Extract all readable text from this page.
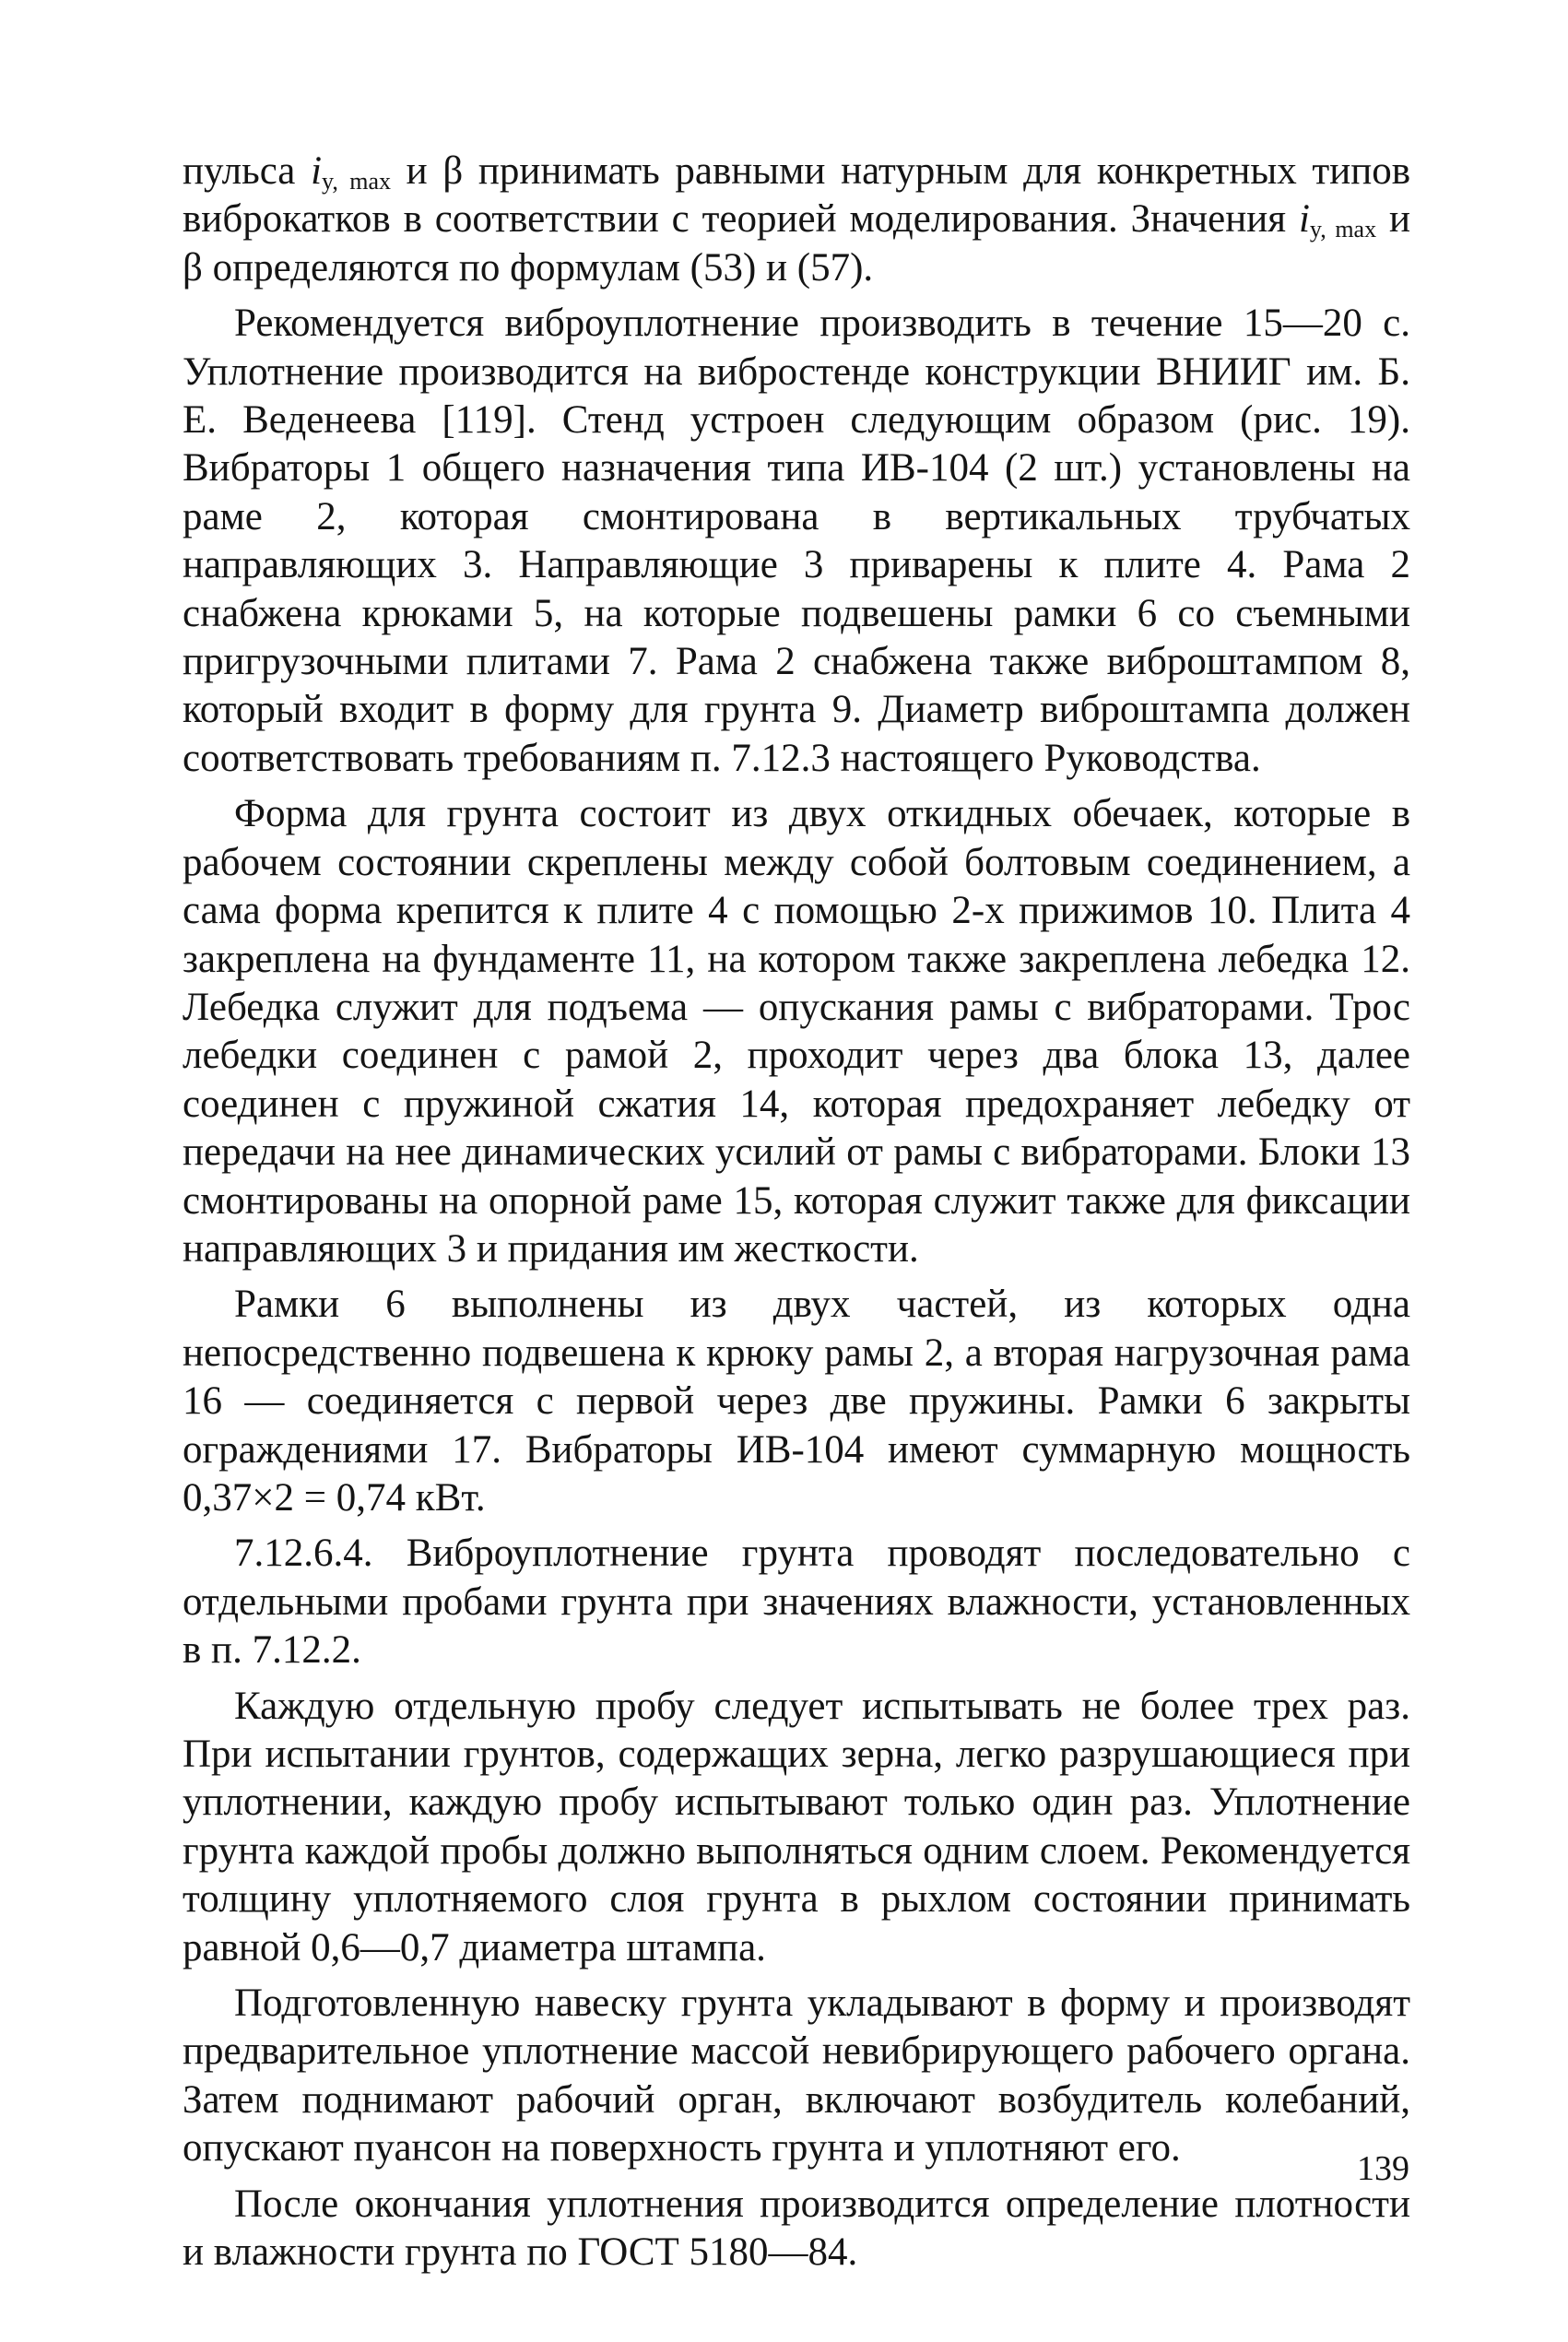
пульса $i_{y, max}$ и β принимать равными натурным для конкретных типов виброкатков в соответствии с теорией моделирования. Значения $i_{y, max}$ и β определяются по формулам (53) и (57).

Рекомендуется виброуплотнение производить в течение 15—20 с. Уплотнение производится на вибростенде конструкции ВНИИГ им. Б. Е. Веденеева [119]. Стенд устроен следующим образом (рис. 19). Вибраторы 1 общего назначения типа ИВ-104 (2 шт.) установлены на раме 2, которая смонтирована в вертикальных трубчатых направляющих 3. Направляющие 3 приварены к плите 4. Рама 2 снабжена крюками 5, на которые подвешены рамки 6 со съемными пригрузочными плитами 7. Рама 2 снабжена также виброштампом 8, который входит в форму для грунта 9. Диаметр виброштампа должен соответствовать требованиям п. 7.12.3 настоящего Руководства.

Форма для грунта состоит из двух откидных обечаек, которые в рабочем состоянии скреплены между собой болтовым соединением, а сама форма крепится к плите 4 с помощью 2-х прижимов 10. Плита 4 закреплена на фундаменте 11, на котором также закреплена лебедка 12. Лебедка служит для подъема — опускания рамы с вибраторами. Трос лебедки соединен с рамой 2, проходит через два блока 13, далее соединен с пружиной сжатия 14, которая предохраняет лебедку от передачи на нее динамических усилий от рамы с вибраторами. Блоки 13 смонтированы на опорной раме 15, которая служит также для фиксации направляющих 3 и придания им жесткости.

Рамки 6 выполнены из двух частей, из которых одна непосредственно подвешена к крюку рамы 2, а вторая нагрузочная рама 16 — соединяется с первой через две пружины. Рамки 6 закрыты ограждениями 17. Вибраторы ИВ-104 имеют суммарную мощность 0,37×2 = 0,74 кВт.

7.12.6.4. Виброуплотнение грунта проводят последовательно с отдельными пробами грунта при значениях влажности, установленных в п. 7.12.2.

Каждую отдельную пробу следует испытывать не более трех раз. При испытании грунтов, содержащих зерна, легко разрушающиеся при уплотнении, каждую пробу испытывают только один раз. Уплотнение грунта каждой пробы должно выполняться одним слоем. Рекомендуется толщину уплотняемого слоя грунта в рыхлом состоянии принимать равной 0,6—0,7 диаметра штампа.

Подготовленную навеску грунта укладывают в форму и производят предварительное уплотнение массой невибрирующего рабочего органа. Затем поднимают рабочий орган, включают возбудитель колебаний, опускают пуансон на поверхность грунта и уплотняют его.

После окончания уплотнения производится определение плотности и влажности грунта по ГОСТ 5180—84.

139
